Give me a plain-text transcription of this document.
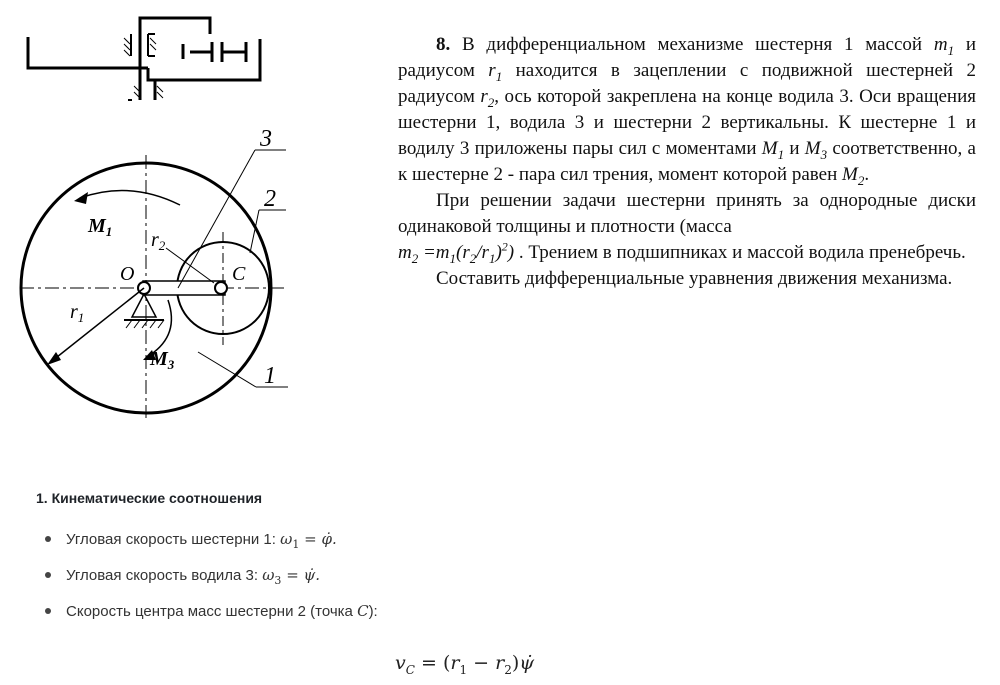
3
2
1
$M_1$
$M_3$
$r_1$
$r_2$
O	C

8. В дифференциальном механизме шестерня 1 массой $m_1$ и радиусом $r_1$ находится в зацеплении с подвижной шестерней 2 радиусом $r_2$, ось которой закреплена на конце водила 3. Оси вращения шестерни 1, водила 3 и шестерни 2 вертикальны. К шестерне 1 и водилу 3 приложены пары сил с моментами $M_1$ и $M_3$ соответственно, а к шестерне 2 - пара сил трения, момент которой равен $M_2$.

При решении задачи шестерни принять за однородные диски одинаковой толщины и плотности (масса
$m_2 =m_1(r_2/r_1)^2$) . Трением в подшипниках и массой водила пренебречь.

Составить дифференциальные уравнения движения механизма.

1. Кинематические соотношения

Угловая скорость шестерни 1: $\omega_1$ = φ̇.
Угловая скорость водила 3: $\omega_3$ = ψ̇.
Скорость центра масс шестерни 2 (точка C):
$v_C = (r_1$ − $r_2)\psi̇$
